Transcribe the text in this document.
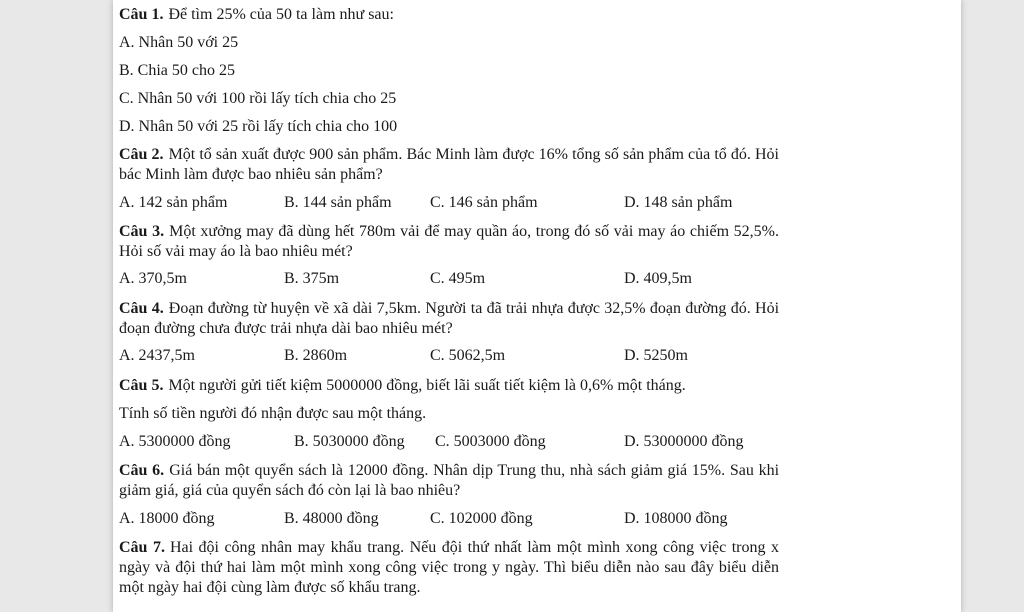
Câu 1. Để tìm 25% của 50 ta làm như sau:
A. Nhân 50 với 25
B. Chia 50 cho 25
C. Nhân 50 với 100 rồi lấy tích chia cho 25
D. Nhân 50 với 25 rồi lấy tích chia cho 100
Câu 2. Một tổ sản xuất được 900 sản phẩm. Bác Minh làm được 16% tổng số sản phẩm của tổ đó. Hỏi bác Minh làm được bao nhiêu sản phẩm?
A. 142 sản phẩm	B. 144 sản phẩm C. 146 sản phẩm	D. 148 sản phẩm
Câu 3. Một xưởng may đã dùng hết 780m vải để may quần áo, trong đó số vải may áo chiếm 52,5%. Hỏi số vải may áo là bao nhiêu mét?
A. 370,5m	B. 375m	C. 495m	D. 409,5m
Câu 4. Đoạn đường từ huyện về xã dài 7,5km. Người ta đã trải nhựa được 32,5% đoạn đường đó. Hỏi đoạn đường chưa được trải nhựa dài bao nhiêu mét?
A. 2437,5m	B. 2860m	C. 5062,5m	D. 5250m
Câu 5. Một người gửi tiết kiệm 5000000 đồng, biết lãi suất tiết kiệm là 0,6% một tháng.
Tính số tiền người đó nhận được sau một tháng.
A. 5300000 đồng	B. 5030000 đồng C. 5003000 đồng	D. 53000000 đồng
Câu 6. Giá bán một quyển sách là 12000 đồng. Nhân dịp Trung thu, nhà sách giảm giá 15%. Sau khi giảm giá, giá của quyển sách đó còn lại là bao nhiêu?
A. 18000 đồng	B. 48000 đồng	C. 102000 đồng	D. 108000 đồng
Câu 7. Hai đội công nhân may khẩu trang. Nếu đội thứ nhất làm một mình xong công việc trong x ngày và đội thứ hai làm một mình xong công việc trong y ngày. Thì biểu diễn nào sau đây biểu diễn một ngày hai đội cùng làm được số khẩu trang.
